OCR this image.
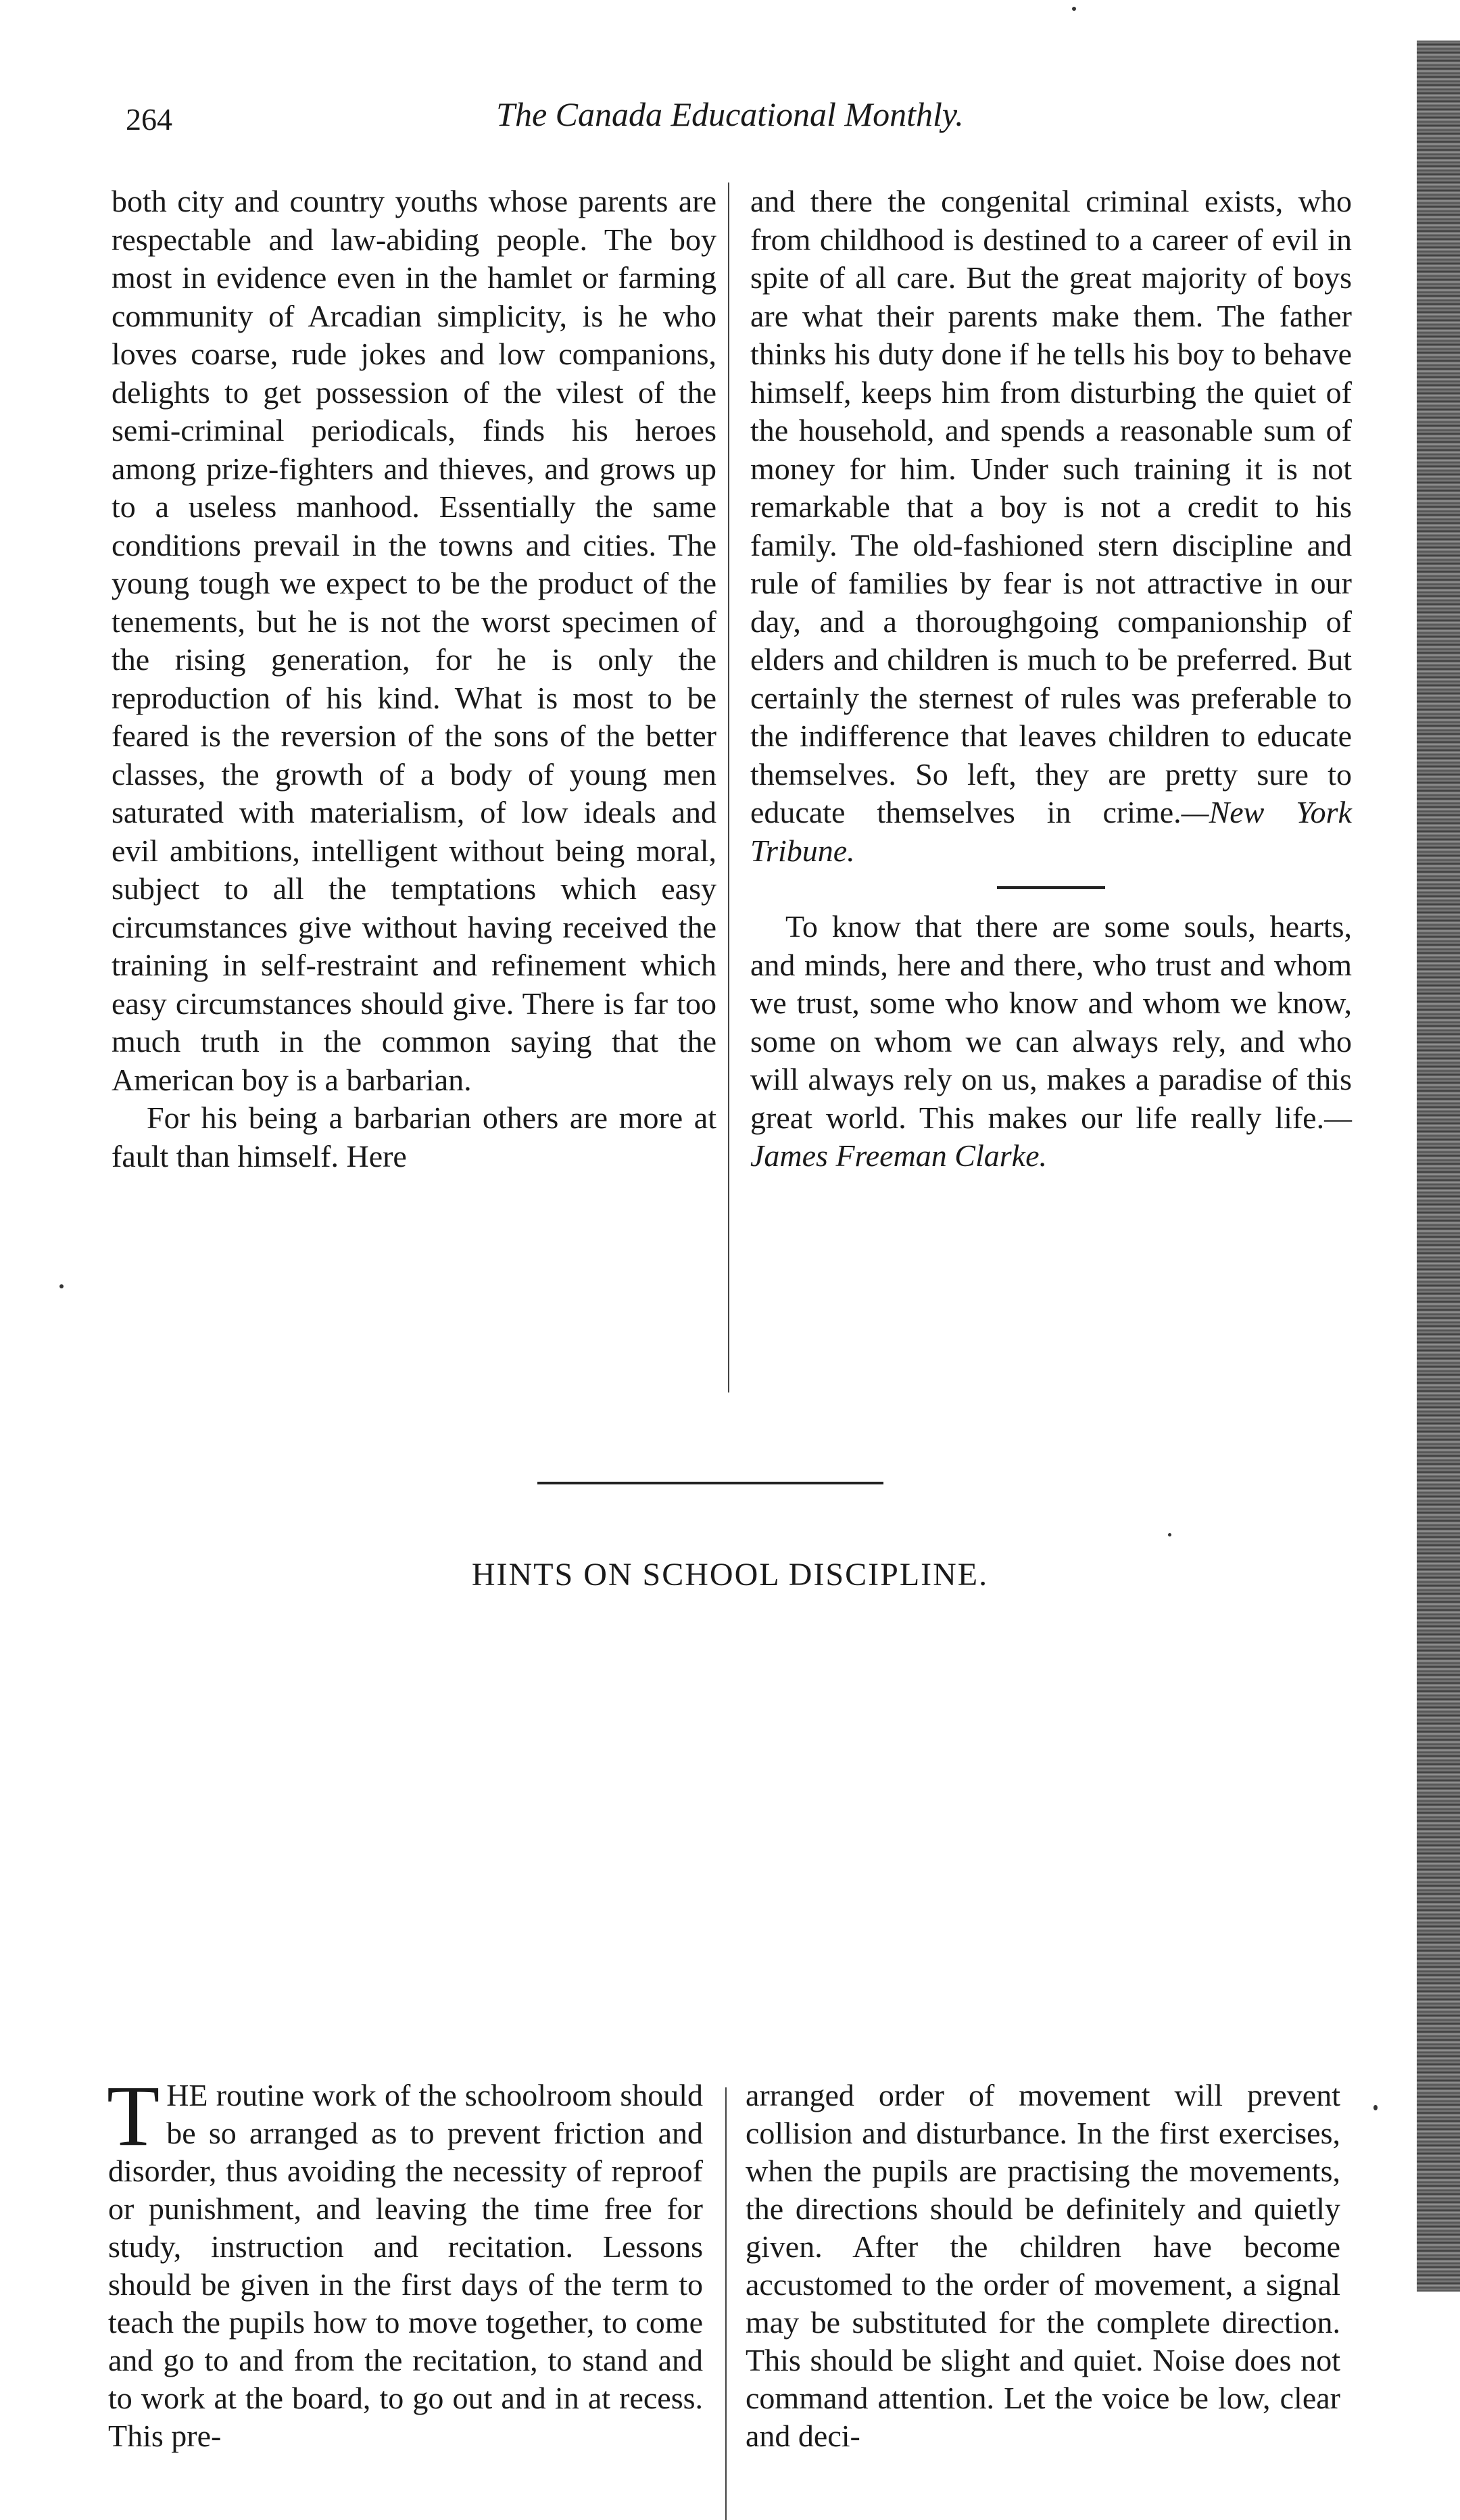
264	The Canada Educational Monthly.

both city and country youths whose parents are respectable and law-abiding people. The boy most in evidence even in the hamlet or farming community of Arcadian simplicity, is he who loves coarse, rude jokes and low companions, delights to get possession of the vilest of the semi-criminal periodicals, finds his heroes among prize-fighters and thieves, and grows up to a useless manhood. Essentially the same conditions prevail in the towns and cities. The young tough we expect to be the product of the tenements, but he is not the worst specimen of the rising generation, for he is only the reproduction of his kind. What is most to be feared is the reversion of the sons of the better classes, the growth of a body of young men saturated with materialism, of low ideals and evil ambitions, intelligent without being moral, subject to all the temptations which easy circumstances give without having received the training in self-restraint and refinement which easy circumstances should give. There is far too much truth in the common saying that the American boy is a barbarian.

For his being a barbarian others are more at fault than himself. Here

and there the congenital criminal exists, who from childhood is destined to a career of evil in spite of all care. But the great majority of boys are what their parents make them. The father thinks his duty done if he tells his boy to behave himself, keeps him from disturbing the quiet of the household, and spends a reasonable sum of money for him. Under such training it is not remarkable that a boy is not a credit to his family. The old-fashioned stern discipline and rule of families by fear is not attractive in our day, and a thoroughgoing companionship of elders and children is much to be preferred. But certainly the sternest of rules was preferable to the indifference that leaves children to educate themselves. So left, they are pretty sure to educate themselves in crime.—New York Tribune.

To know that there are some souls, hearts, and minds, here and there, who trust and whom we trust, some who know and whom we know, some on whom we can always rely, and who will always rely on us, makes a paradise of this great world. This makes our life really life.—James Freeman Clarke.

HINTS ON SCHOOL DISCIPLINE.

THE routine work of the schoolroom should be so arranged as to prevent friction and disorder, thus avoiding the necessity of reproof or punishment, and leaving the time free for study, instruction and recitation. Lessons should be given in the first days of the term to teach the pupils how to move together, to come and go to and from the recitation, to stand and to work at the board, to go out and in at recess. This pre-

arranged order of movement will prevent collision and disturbance. In the first exercises, when the pupils are practising the movements, the directions should be definitely and quietly given. After the children have become accustomed to the order of movement, a signal may be substituted for the complete direction. This should be slight and quiet. Noise does not command attention. Let the voice be low, clear and deci-
